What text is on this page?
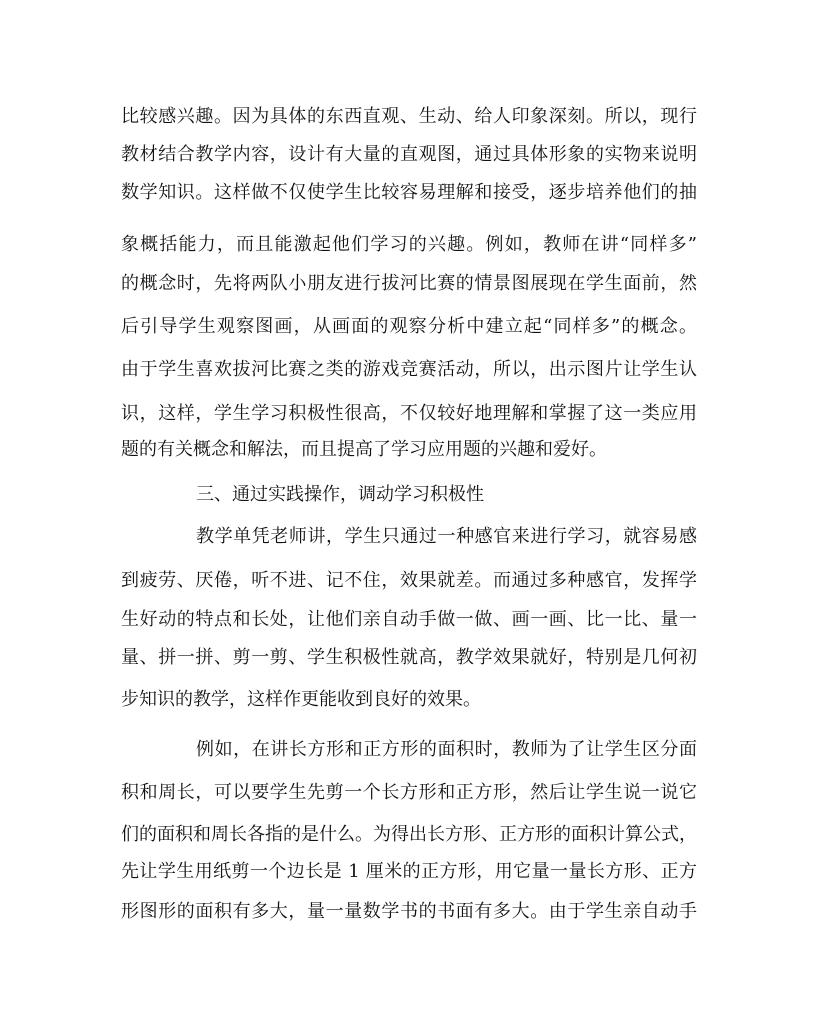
比较感兴趣。因为具体的东西直观、生动、给人印象深刻。所以，现行
教材结合教学内容，设计有大量的直观图，通过具体形象的实物来说明
数学知识。这样做不仅使学生比较容易理解和接受，逐步培养他们的抽
象概括能力，而且能激起他们学习的兴趣。例如，教师在讲“同样多”
的概念时，先将两队小朋友进行拔河比赛的情景图展现在学生面前，然
后引导学生观察图画，从画面的观察分析中建立起“同样多”的概念。
由于学生喜欢拔河比赛之类的游戏竞赛活动，所以，出示图片让学生认
识，这样，学生学习积极性很高，不仅较好地理解和掌握了这一类应用
题的有关概念和解法，而且提高了学习应用题的兴趣和爱好。
三、通过实践操作，调动学习积极性
教学单凭老师讲，学生只通过一种感官来进行学习，就容易感
到疲劳、厌倦，听不进、记不住，效果就差。而通过多种感官，发挥学
生好动的特点和长处，让他们亲自动手做一做、画一画、比一比、量一
量、拼一拼、剪一剪、学生积极性就高，教学效果就好，特别是几何初
步知识的教学，这样作更能收到良好的效果。
例如，在讲长方形和正方形的面积时，教师为了让学生区分面
积和周长，可以要学生先剪一个长方形和正方形，然后让学生说一说它
们的面积和周长各指的是什么。为得出长方形、正方形的面积计算公式，
先让学生用纸剪一个边长是 1 厘米的正方形，用它量一量长方形、正方
形图形的面积有多大，量一量数学书的书面有多大。由于学生亲自动手
